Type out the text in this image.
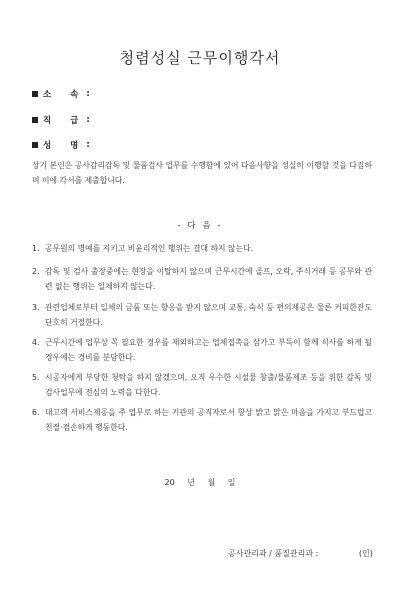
청렴성실 근무이행각서
소 속 :
직 급 :
성 명 :
상기 본인은 공사감리감독 및 물품검사 업무를 수행함에 있어 다음사항을 성실히 이행할 것을 다짐하며 이에 각서를 제출합니다.
- 다 음 -
1. 공무원의 명예를 지키고 비윤리적인 행위는 결대 하지 않는다.
2. 감독 및 검사 출장중에는 현장을 이탈하지 않으며 근무시간에 골프, 오락, 주식거래 등 공무와 관련 없는 행위는 일체하지 않는다.
3. 관련업체로부터 일체의 금품 또는 향응을 받지 않으며 교통, 숙식 등 편의제공은 물론 커피한잔도 단호히 거절한다.
4. 근무시간에 업무상 꼭 필요한 경우를 제외하고는 업체접촉을 삼가고 부득이 함께 식사를 하게 될 경우에는 경비를 분담한다.
5. 시공자에게 부당한 청탁을 하지 않겠으며, 오직 우수한 시설물 창출/물품제조 등을 위한 감독 및 검사업무에 전심의 노력을 다한다.
6. 대고객 서비스제공을 주 업무로 하는 기관의 공직자로서 항상 밝고 맑은 마음을 가지고 부드럽고 친절·겸손하게 행동한다.
20 년 월 일
공사관리과 / 품질관리과 :	(인)
